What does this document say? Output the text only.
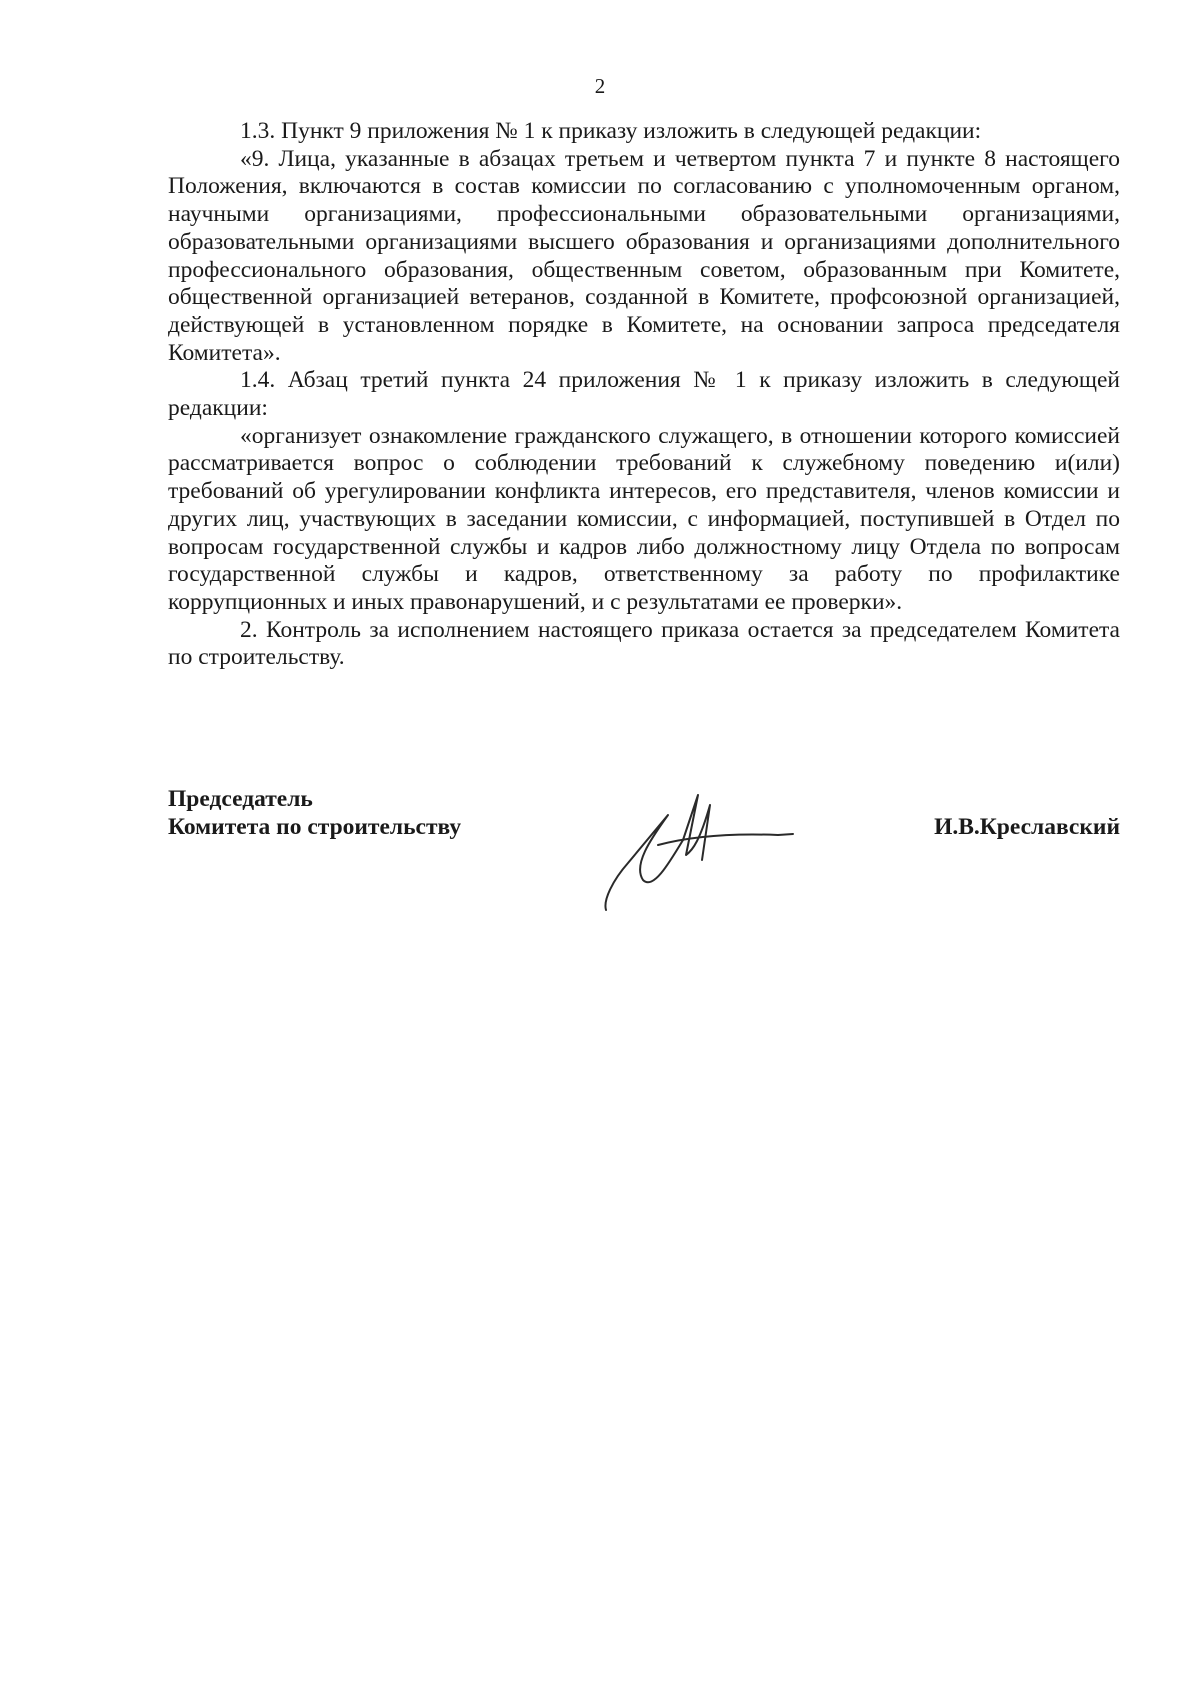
2

1.3. Пункт 9 приложения № 1 к приказу изложить в следующей редакции:

«9. Лица, указанные в абзацах третьем и четвертом пункта 7 и пункте 8 настоящего Положения, включаются в состав комиссии по согласованию с уполномоченным органом, научными организациями, профессиональными образовательными организациями, образовательными организациями высшего образования и организациями дополнительного профессионального образования, общественным советом, образованным при Комитете, общественной организацией ветеранов, созданной в Комитете, профсоюзной организацией, действующей в установленном порядке в Комитете, на основании запроса председателя Комитета».

1.4. Абзац третий пункта 24 приложения № 1 к приказу изложить в следующей редакции:

«организует ознакомление гражданского служащего, в отношении которого комиссией рассматривается вопрос о соблюдении требований к служебному поведению и(или) требований об урегулировании конфликта интересов, его представителя, членов комиссии и других лиц, участвующих в заседании комиссии, с информацией, поступившей в Отдел по вопросам государственной службы и кадров либо должностному лицу Отдела по вопросам государственной службы и кадров, ответственному за работу по профилактике коррупционных и иных правонарушений, и с результатами ее проверки».

2. Контроль за исполнением настоящего приказа остается за председателем Комитета по строительству.

Председатель
Комитета по строительству	И.В.Креславский
